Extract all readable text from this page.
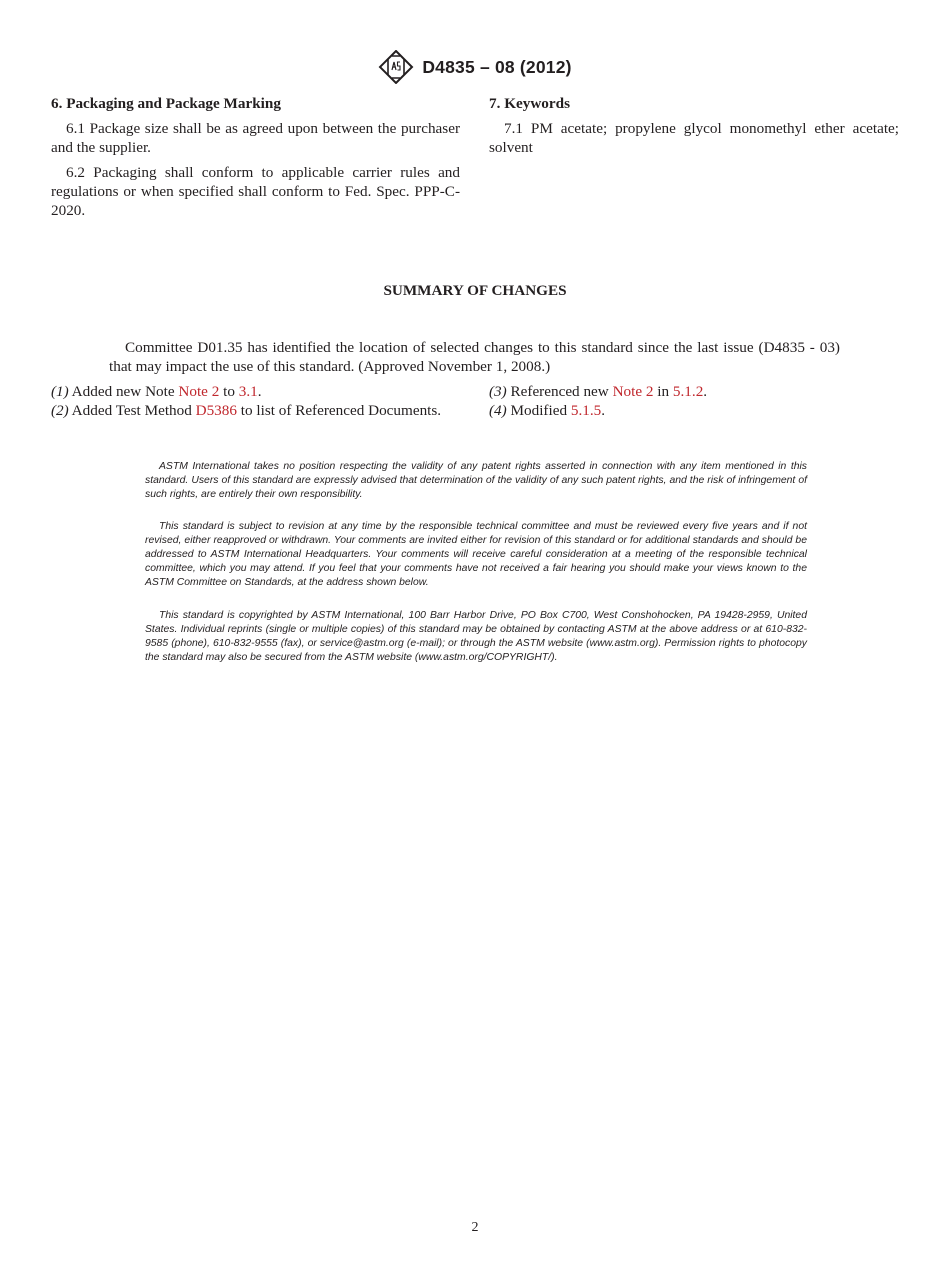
D4835 – 08 (2012)

6. Packaging and Package Marking

6.1 Package size shall be as agreed upon between the purchaser and the supplier.

6.2 Packaging shall conform to applicable carrier rules and regulations or when specified shall conform to Fed. Spec. PPP-C-2020.

7. Keywords

7.1 PM acetate; propylene glycol monomethyl ether acetate; solvent

SUMMARY OF CHANGES

Committee D01.35 has identified the location of selected changes to this standard since the last issue (D4835 - 03) that may impact the use of this standard. (Approved November 1, 2008.)

(1) Added new Note Note 2 to 3.1.

(2) Added Test Method D5386 to list of Referenced Documents.

(3) Referenced new Note 2 in 5.1.2.

(4) Modified 5.1.5.

ASTM International takes no position respecting the validity of any patent rights asserted in connection with any item mentioned in this standard. Users of this standard are expressly advised that determination of the validity of any such patent rights, and the risk of infringement of such rights, are entirely their own responsibility.

This standard is subject to revision at any time by the responsible technical committee and must be reviewed every five years and if not revised, either reapproved or withdrawn. Your comments are invited either for revision of this standard or for additional standards and should be addressed to ASTM International Headquarters. Your comments will receive careful consideration at a meeting of the responsible technical committee, which you may attend. If you feel that your comments have not received a fair hearing you should make your views known to the ASTM Committee on Standards, at the address shown below.

This standard is copyrighted by ASTM International, 100 Barr Harbor Drive, PO Box C700, West Conshohocken, PA 19428-2959, United States. Individual reprints (single or multiple copies) of this standard may be obtained by contacting ASTM at the above address or at 610-832-9585 (phone), 610-832-9555 (fax), or service@astm.org (e-mail); or through the ASTM website (www.astm.org). Permission rights to photocopy the standard may also be secured from the ASTM website (www.astm.org/COPYRIGHT/).

2
